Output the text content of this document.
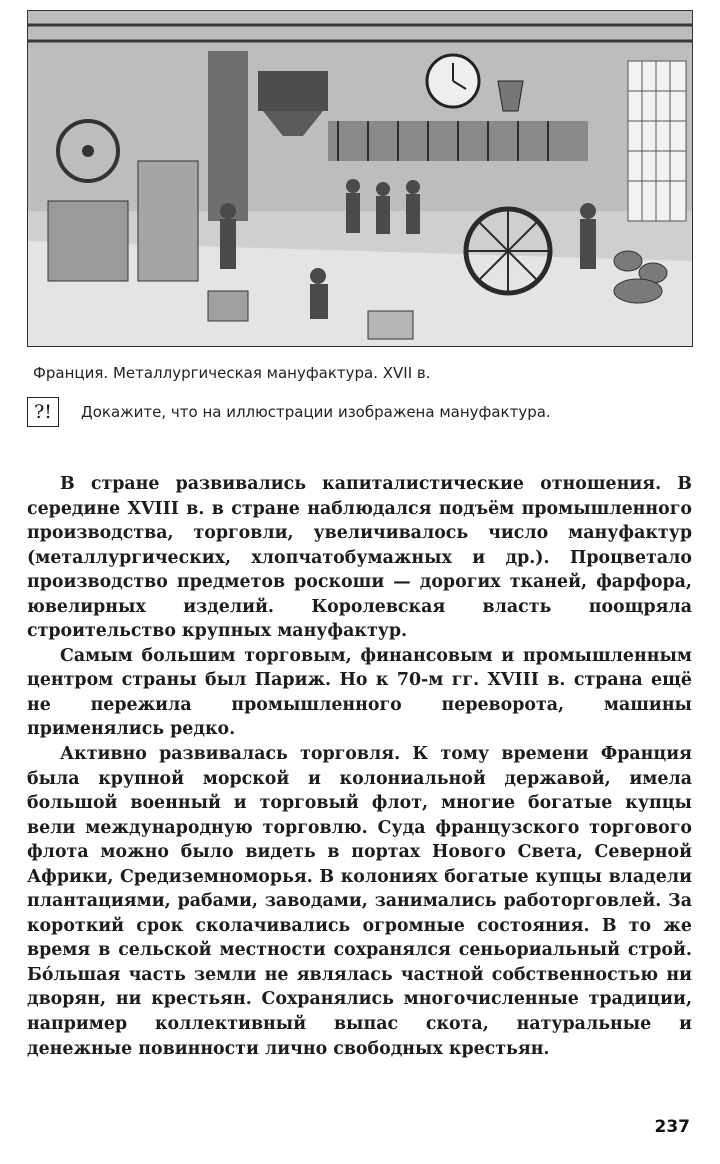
Франция. Металлургическая мануфактура. XVII в.
?!	Докажите, что на иллюстрации изображена мануфактура.

В стране развивались капиталистические отношения. В середине XVIII в. в стране наблюдался подъём промышленного производства, торговли, увеличивалось число мануфактур (металлургических, хлопчатобумажных и др.). Процветало производство предметов роскоши — дорогих тканей, фарфора, ювелирных изделий. Королевская власть поощряла строительство крупных мануфактур.

Самым большим торговым, финансовым и промышленным центром страны был Париж. Но к 70-м гг. XVIII в. страна ещё не пережила промышленного переворота, машины применялись редко.

Активно развивалась торговля. К тому времени Франция была крупной морской и колониальной державой, имела большой военный и торговый флот, многие богатые купцы вели международную торговлю. Суда французского торгового флота можно было видеть в портах Нового Света, Северной Африки, Средиземноморья. В колониях богатые купцы владели плантациями, рабами, заводами, занимались работорговлей. За короткий срок сколачивались огромные состояния. В то же время в сельской местности сохранялся сеньориальный строй. Бóльшая часть земли не являлась частной собственностью ни дворян, ни крестьян. Сохранялись многочисленные традиции, например коллективный выпас скота, натуральные и денежные повинности лично свободных крестьян.

237
